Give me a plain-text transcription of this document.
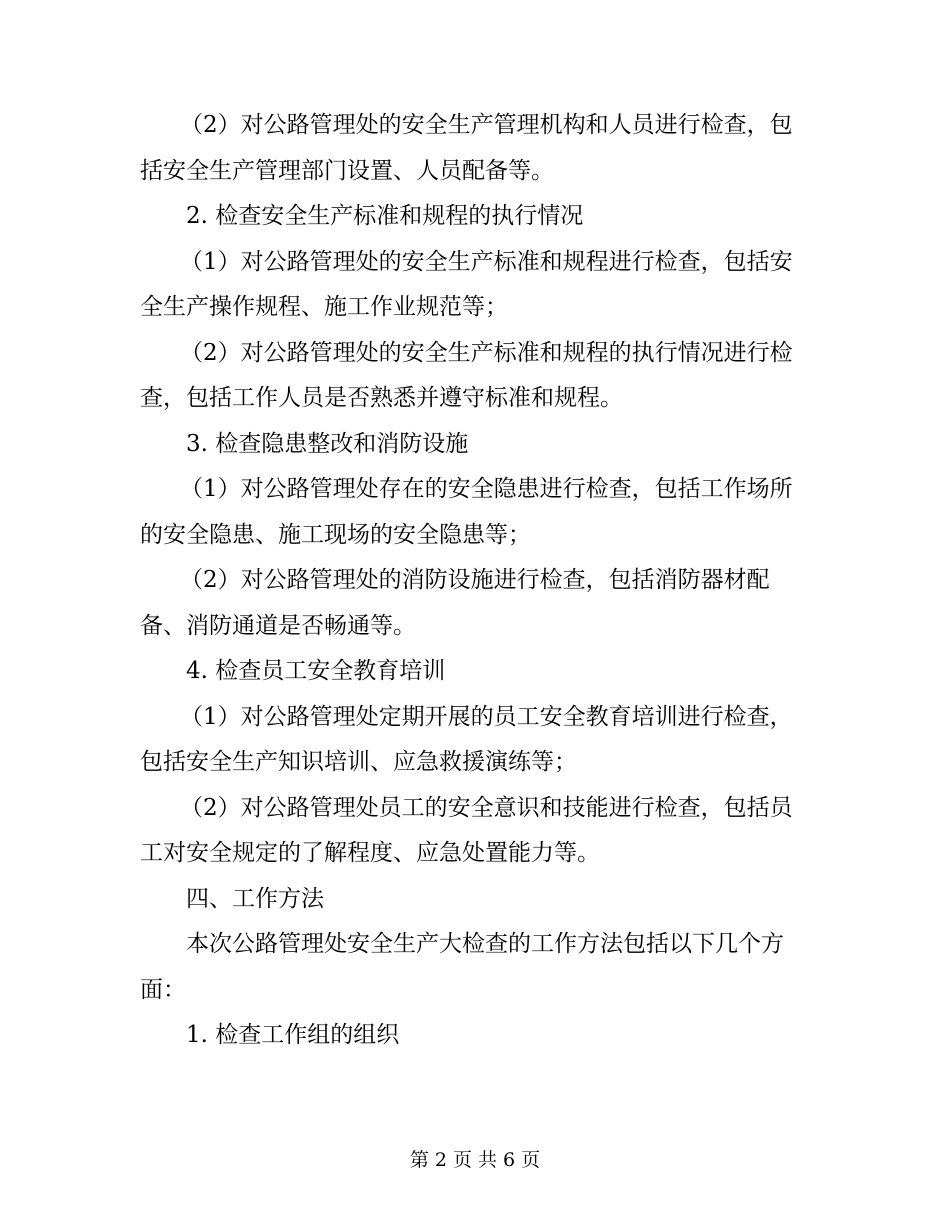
（2）对公路管理处的安全生产管理机构和人员进行检查，包

括安全生产管理部门设置、人员配备等。

2. 检查安全生产标准和规程的执行情况

（1）对公路管理处的安全生产标准和规程进行检查，包括安

全生产操作规程、施工作业规范等；

（2）对公路管理处的安全生产标准和规程的执行情况进行检

查，包括工作人员是否熟悉并遵守标准和规程。

3. 检查隐患整改和消防设施

（1）对公路管理处存在的安全隐患进行检查，包括工作场所

的安全隐患、施工现场的安全隐患等；

（2）对公路管理处的消防设施进行检查，包括消防器材配

备、消防通道是否畅通等。

4. 检查员工安全教育培训

（1）对公路管理处定期开展的员工安全教育培训进行检查，

包括安全生产知识培训、应急救援演练等；

（2）对公路管理处员工的安全意识和技能进行检查，包括员

工对安全规定的了解程度、应急处置能力等。

四、工作方法

本次公路管理处安全生产大检查的工作方法包括以下几个方

面：

1. 检查工作组的组织

第 2 页 共 6 页
